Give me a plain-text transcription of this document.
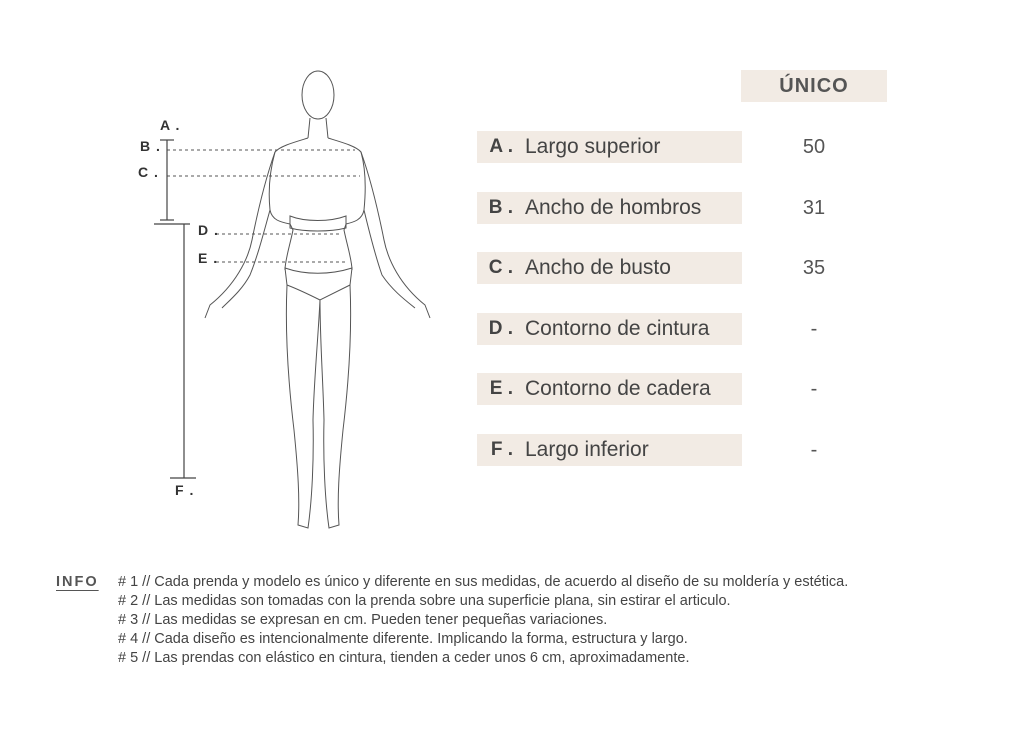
A .
B .
C .
D .
E .
F .
ÚNICO
A . Largo superior	50
B . Ancho de hombros	31
C . Ancho de busto	35
D . Contorno de cintura	-
E . Contorno de cadera	-
F . Largo inferior	-
INFO # 1 // Cada prenda y modelo es único y diferente en sus medidas, de acuerdo al diseño de su moldería y estética.
# 2 // Las medidas son tomadas con la prenda sobre una superficie plana, sin estirar el articulo.
# 3 // Las medidas se expresan en cm. Pueden tener pequeñas variaciones.
# 4 // Cada diseño es intencionalmente diferente. Implicando la forma, estructura y largo.
# 5 // Las prendas con elástico en cintura, tienden a ceder unos 6 cm, aproximadamente.
